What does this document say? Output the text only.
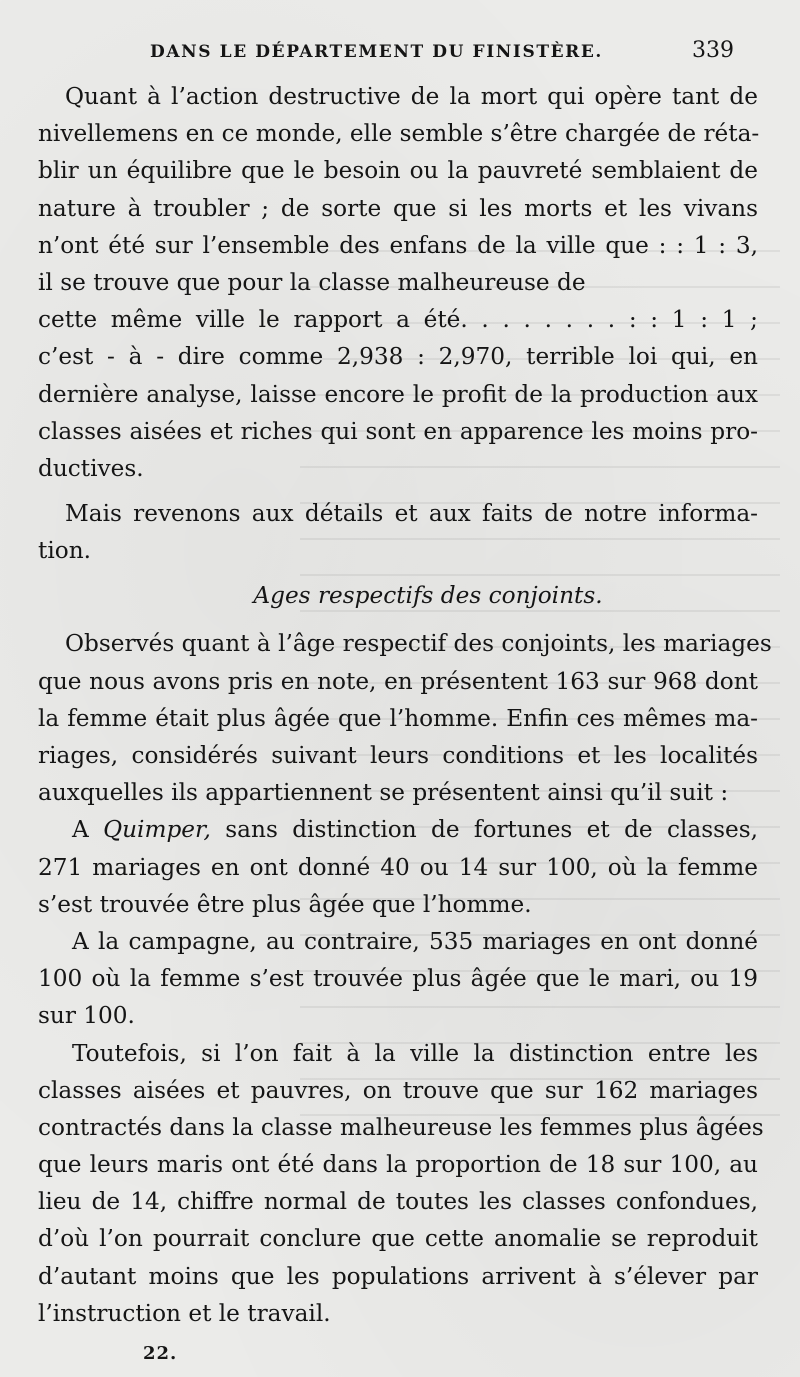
DANS LE DÉPARTEMENT DU FINISTÈRE.	339
Quant à l’action destructive de la mort qui opère tant de
nivellemens en ce monde, elle semble s’être chargée de réta-
blir un équilibre que le besoin ou la pauvreté semblaient de
nature à troubler ; de sorte que si les morts et les vivans
n’ont été sur l’ensemble des enfans de la ville que : : 1 : 3,
il se trouve que pour la classe malheureuse de
cette même ville le rapport a été. . . . . . . . : : 1 : 1 ;
c’est - à - dire comme 2,938 : 2,970, terrible loi qui, en
dernière analyse, laisse encore le profit de la production aux
classes aisées et riches qui sont en apparence les moins pro-
ductives.
Mais revenons aux détails et aux faits de notre informa-
tion.
Ages respectifs des conjoints.
Observés quant à l’âge respectif des conjoints, les mariages
que nous avons pris en note, en présentent 163 sur 968 dont
la femme était plus âgée que l’homme. Enfin ces mêmes ma-
riages, considérés suivant leurs conditions et les localités
auxquelles ils appartiennent se présentent ainsi qu’il suit :
A Quimper, sans distinction de fortunes et de classes,
271 mariages en ont donné 40 ou 14 sur 100, où la femme
s’est trouvée être plus âgée que l’homme.
A la campagne, au contraire, 535 mariages en ont donné
100 où la femme s’est trouvée plus âgée que le mari, ou 19
sur 100.
Toutefois, si l’on fait à la ville la distinction entre les
classes aisées et pauvres, on trouve que sur 162 mariages
contractés dans la classe malheureuse les femmes plus âgées
que leurs maris ont été dans la proportion de 18 sur 100, au
lieu de 14, chiffre normal de toutes les classes confondues,
d’où l’on pourrait conclure que cette anomalie se reproduit
d’autant moins que les populations arrivent à s’élever par
l’instruction et le travail.
22.
